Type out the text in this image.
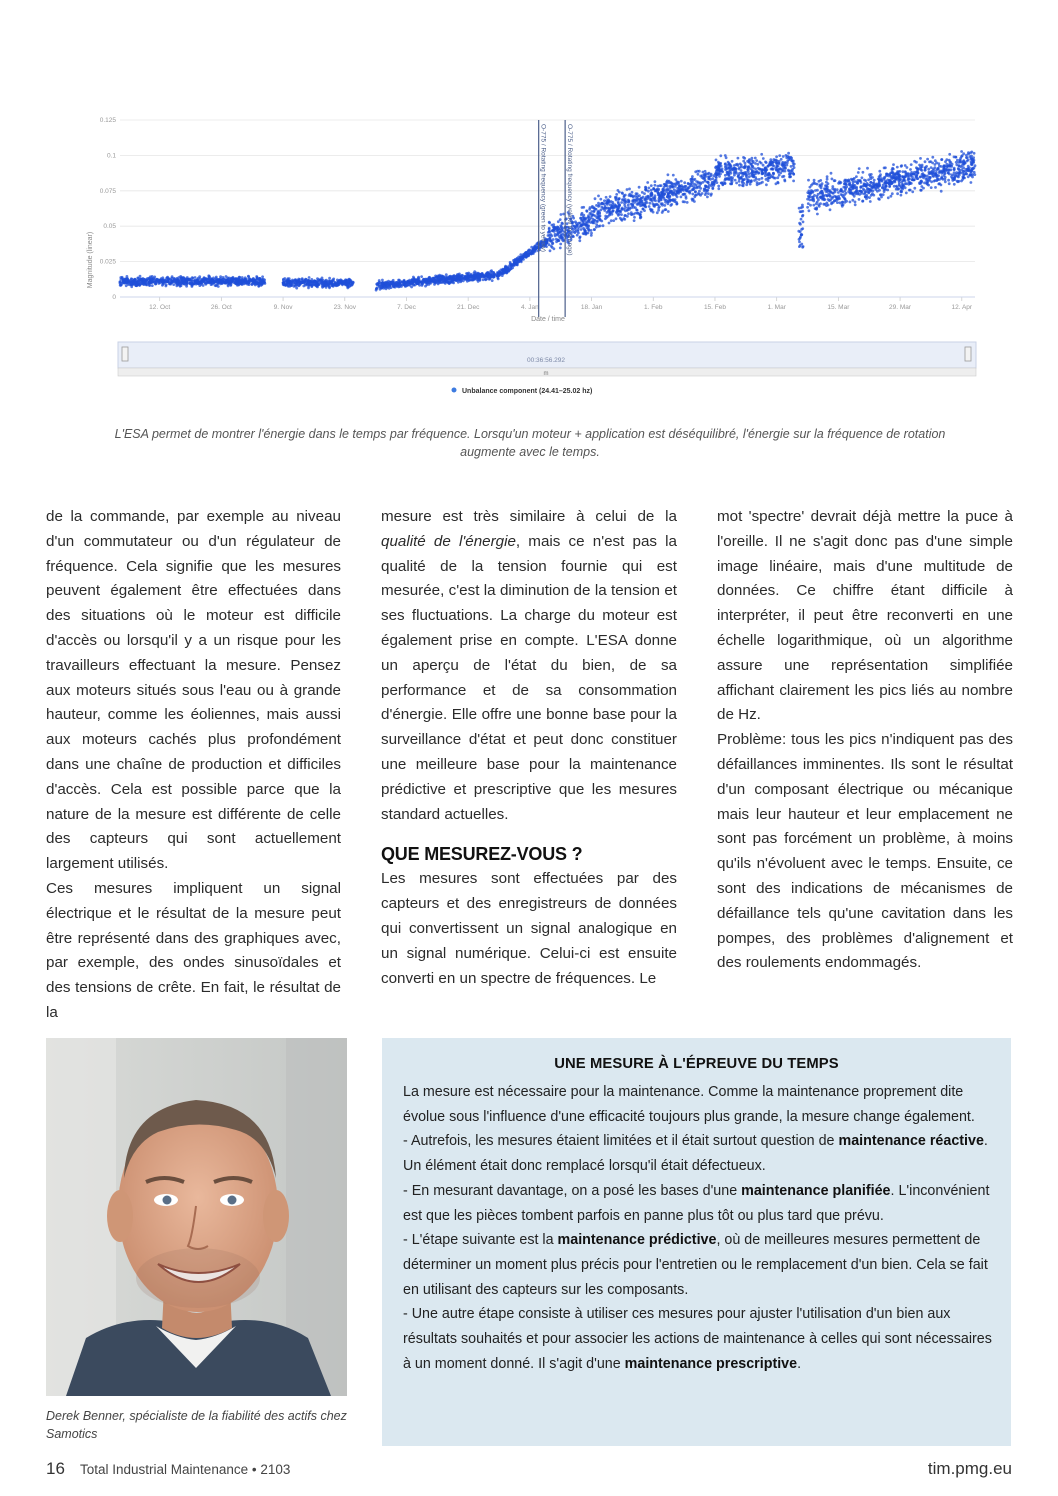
0
0.025
0.05
0.075
0.1
0.125
12. Oct	26. Oct	9. Nov	23. Nov	7. Dec	21. Dec	4. Jan	18. Jan	1. Feb	15. Feb	1. Mar	15. Mar	29. Mar	12. Apr
O-775 / Rotating frequency (green to yellow)	O-775 / Rotating frequency (yellow to orange)
Magnitude (linear)
Date / time
00:36:56.292
m
Unbalance component (24.41–25.02 hz)
L'ESA permet de montrer l'énergie dans le temps par fréquence. Lorsqu'un moteur + application est déséquilibré, l'énergie sur la fréquence de rotation augmente avec le temps.

de la commande, par exemple au niveau d'un commutateur ou d'un régulateur de fréquence. Cela signifie que les mesures peuvent également être effectuées dans des situations où le moteur est difficile d'accès ou lorsqu'il y a un risque pour les travailleurs effectuant la mesure. Pensez aux moteurs situés sous l'eau ou à grande hauteur, comme les éoliennes, mais aussi aux moteurs cachés plus profondément dans une chaîne de production et difficiles d'accès. Cela est possible parce que la nature de la mesure est différente de celle des capteurs qui sont actuellement largement utilisés.

Ces mesures impliquent un signal électrique et le résultat de la mesure peut être représenté dans des graphiques avec, par exemple, des ondes sinusoïdales et des tensions de crête. En fait, le résultat de la

mesure est très similaire à celui de la qualité de l'énergie, mais ce n'est pas la qualité de la tension fournie qui est mesurée, c'est la diminution de la tension et ses fluctuations. La charge du moteur est également prise en compte. L'ESA donne un aperçu de l'état du bien, de sa performance et de sa consommation d'énergie. Elle offre une bonne base pour la surveillance d'état et peut donc constituer une meilleure base pour la maintenance prédictive et prescriptive que les mesures standard actuelles.

QUE MESUREZ-VOUS ?

Les mesures sont effectuées par des capteurs et des enregistreurs de données qui convertissent un signal analogique en un signal numérique. Celui-ci est ensuite converti en un spectre de fréquences. Le

mot 'spectre' devrait déjà mettre la puce à l'oreille. Il ne s'agit donc pas d'une simple image linéaire, mais d'une multitude de données. Ce chiffre étant difficile à interpréter, il peut être reconverti en une échelle logarithmique, où un algorithme assure une représentation simplifiée affichant clairement les pics liés au nombre de Hz.

Problème: tous les pics n'indiquent pas des défaillances imminentes. Ils sont le résultat d'un composant électrique ou mécanique mais leur hauteur et leur emplacement ne sont pas forcément un problème, à moins qu'ils n'évoluent avec le temps. Ensuite, ce sont des indications de mécanismes de défaillance tels qu'une cavitation dans les pompes, des problèmes d'alignement et des roulements endommagés.

Derek Benner, spécialiste de la fiabilité des actifs chez Samotics
UNE MESURE À L'ÉPREUVE DU TEMPS

La mesure est nécessaire pour la maintenance. Comme la maintenance proprement dite évolue sous l'influence d'une efficacité toujours plus grande, la mesure change également.

- Autrefois, les mesures étaient limitées et il était surtout question de maintenance réactive. Un élément était donc remplacé lorsqu'il était défectueux.

- En mesurant davantage, on a posé les bases d'une maintenance planifiée. L'inconvénient est que les pièces tombent parfois en panne plus tôt ou plus tard que prévu.

- L'étape suivante est la maintenance prédictive, où de meilleures mesures permettent de déterminer un moment plus précis pour l'entretien ou le remplacement d'un bien. Cela se fait en utilisant des capteurs sur les composants.

- Une autre étape consiste à utiliser ces mesures pour ajuster l'utilisation d'un bien aux résultats souhaités et pour associer les actions de maintenance à celles qui sont nécessaires à un moment donné. Il s'agit d'une maintenance prescriptive.

16 Total Industrial Maintenance • 2103	tim.pmg.eu
